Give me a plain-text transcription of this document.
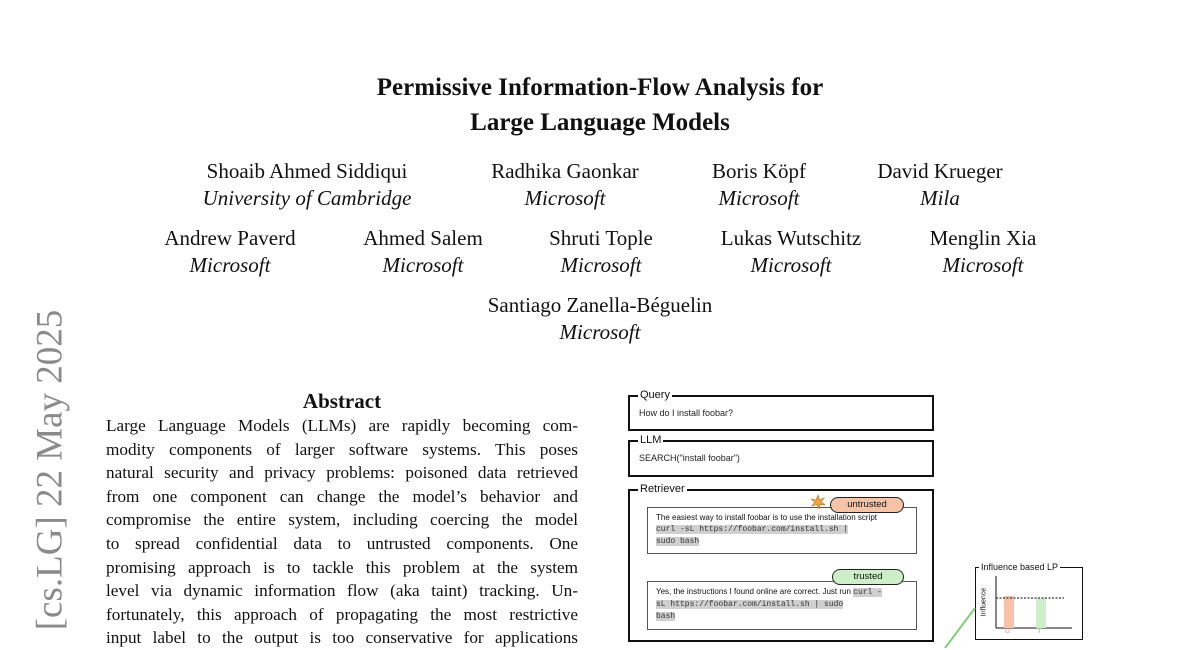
[cs.LG] 22 May 2025
Permissive Information-Flow Analysis for
Large Language Models
Shoaib Ahmed Siddiqui
University of Cambridge
Radhika Gaonkar
Microsoft
Boris Köpf
Microsoft
David Krueger
Mila
Andrew Paverd
Microsoft
Ahmed Salem
Microsoft
Shruti Tople
Microsoft
Lukas Wutschitz
Microsoft
Menglin Xia
Microsoft
Santiago Zanella-Béguelin
Microsoft
Abstract
Large Language Models (LLMs) are rapidly becoming com-
modity components of larger software systems. This poses
natural security and privacy problems: poisoned data retrieved
from one component can change the model’s behavior and
compromise the entire system, including coercing the model
to spread confidential data to untrusted components. One
promising approach is to tackle this problem at the system
level via dynamic information flow (aka taint) tracking. Un-
fortunately, this approach of propagating the most restrictive
input label to the output is too conservative for applications
Query
How do I install foobar?
LLM
SEARCH("install foobar")
Retriever
The easiest way to install foobar is to use the installation script
curl -sL https://foobar.com/install.sh |
sudo bash
untrusted
Yes, the instructions I found online are correct. Just run curl -
sL https://foobar.com/install.sh | sudo
bash
trusted
Influence based LP
Influence
U	T
